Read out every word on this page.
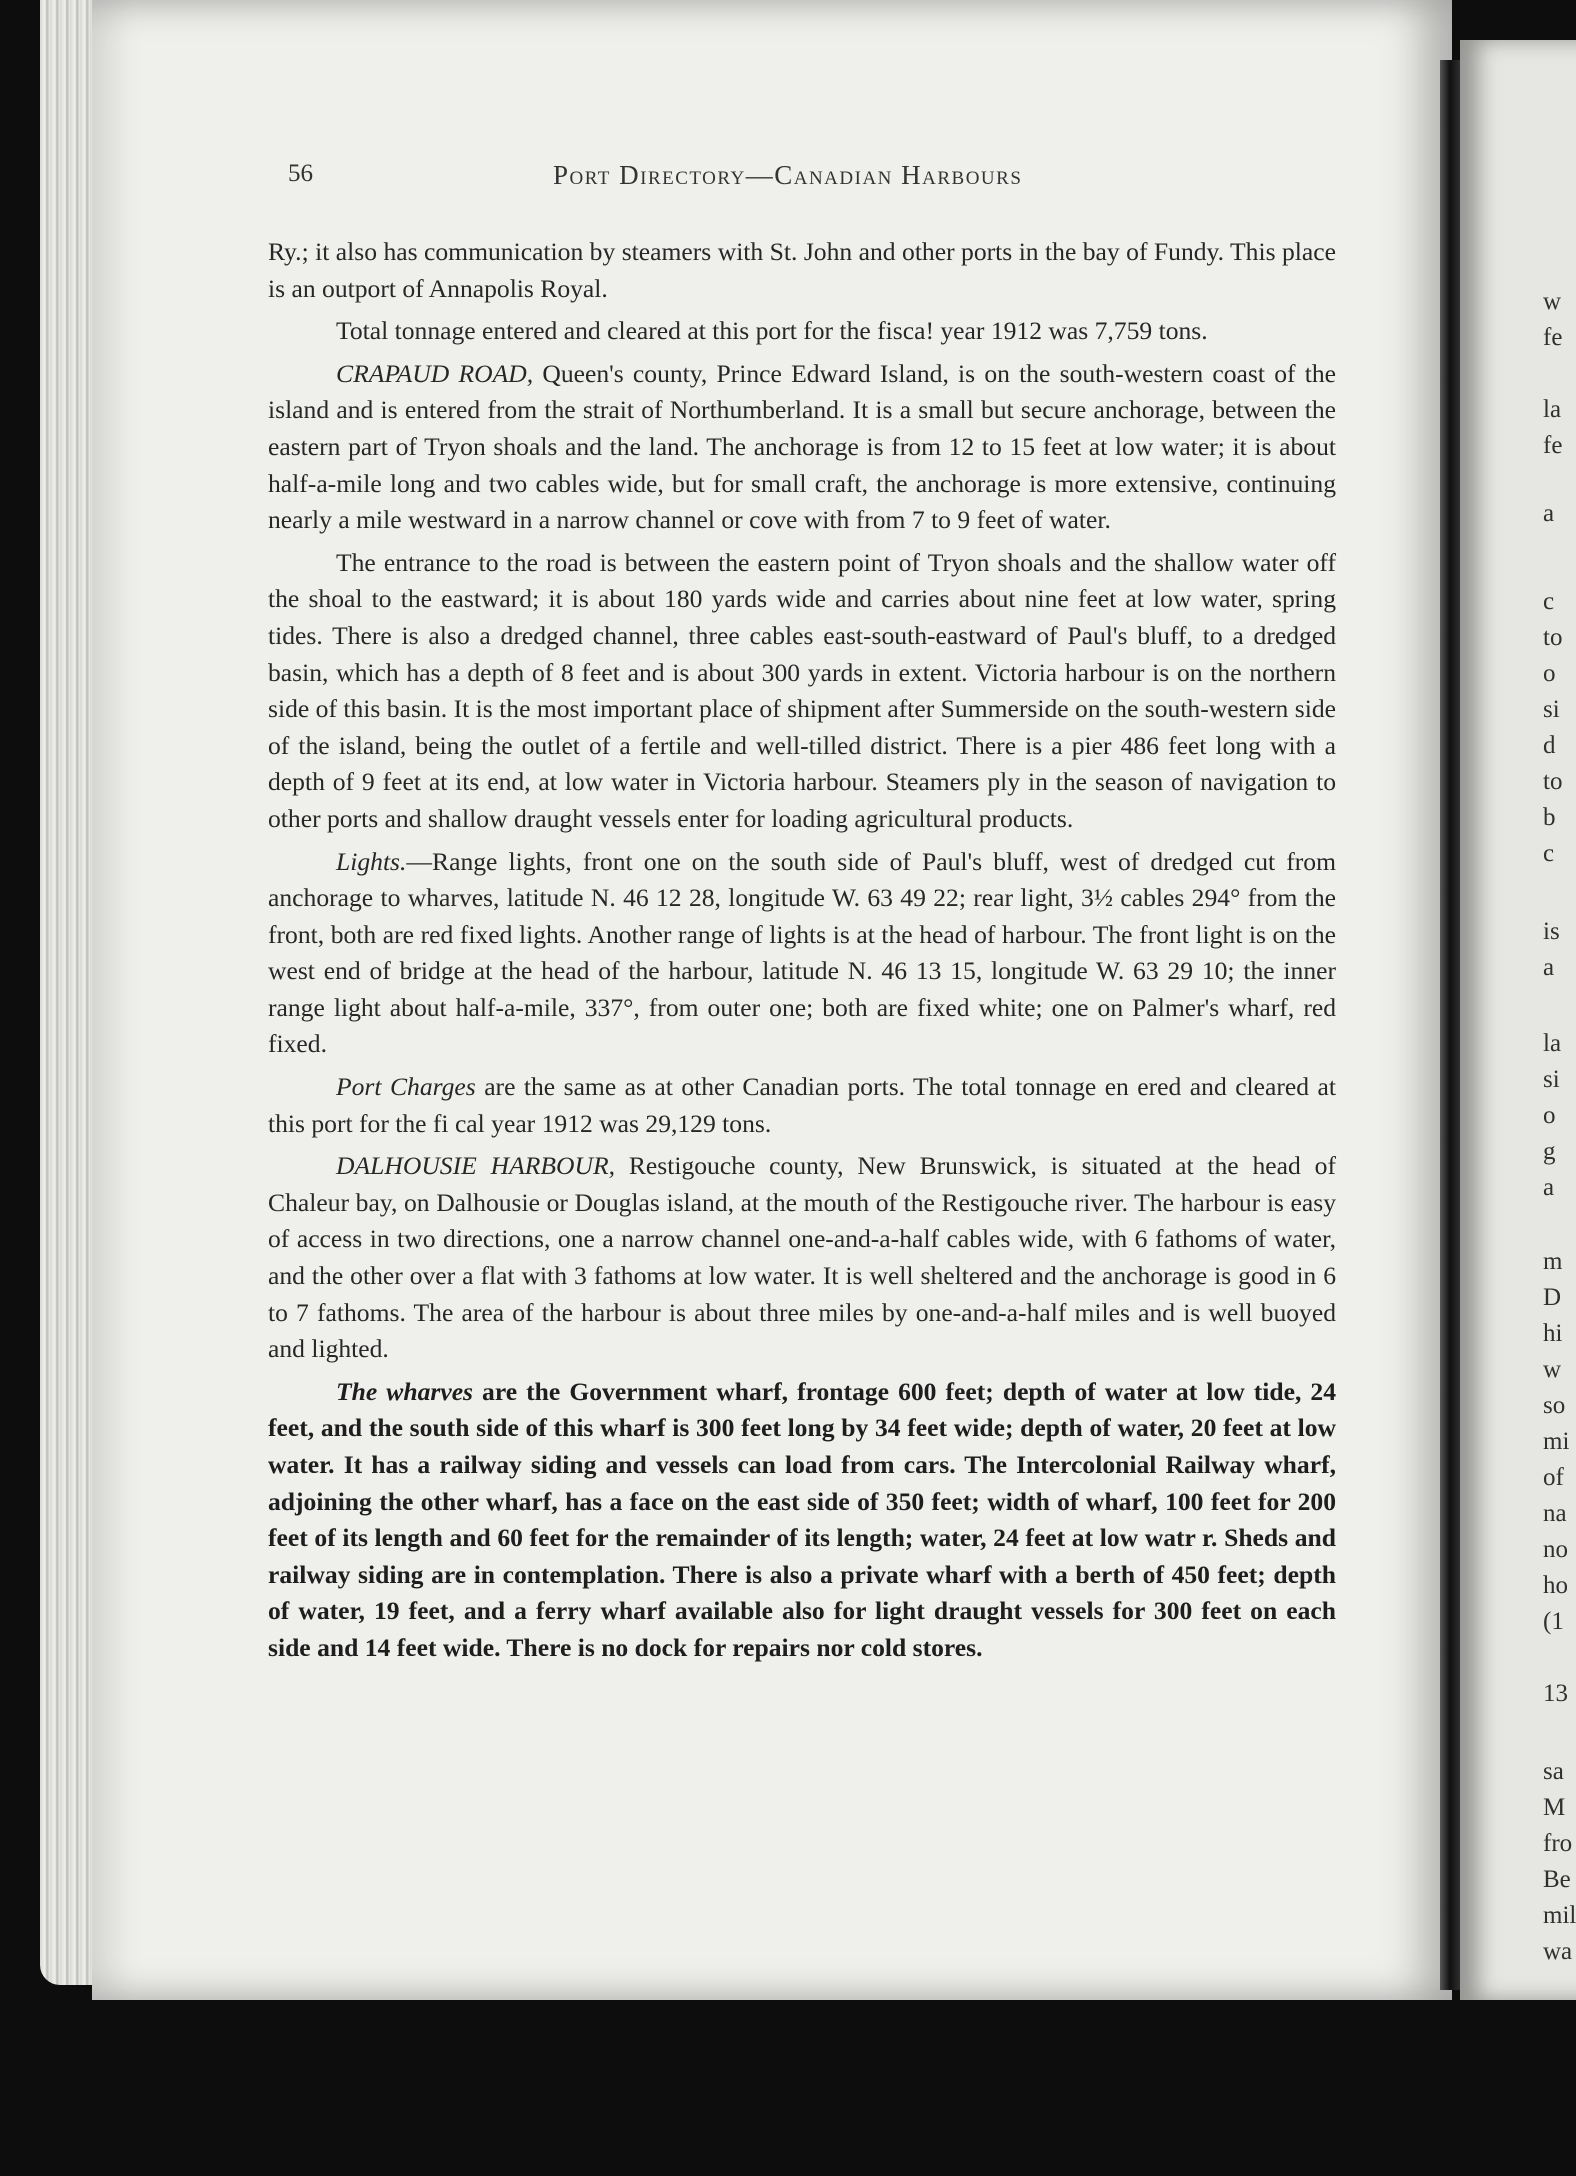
56	Port Directory—Canadian Harbours

Ry.; it also has communication by steamers with St. John and other ports in the bay of Fundy. This place is an outport of Annapolis Royal.

Total tonnage entered and cleared at this port for the fisca! year 1912 was 7,759 tons.

CRAPAUD ROAD, Queen's county, Prince Edward Island, is on the south-western coast of the island and is entered from the strait of Northumberland. It is a small but secure anchorage, between the eastern part of Tryon shoals and the land. The anchorage is from 12 to 15 feet at low water; it is about half-a-mile long and two cables wide, but for small craft, the anchorage is more extensive, continuing nearly a mile westward in a narrow channel or cove with from 7 to 9 feet of water.

The entrance to the road is between the eastern point of Tryon shoals and the shallow water off the shoal to the eastward; it is about 180 yards wide and carries about nine feet at low water, spring tides. There is also a dredged channel, three cables east-south-eastward of Paul's bluff, to a dredged basin, which has a depth of 8 feet and is about 300 yards in extent. Victoria harbour is on the northern side of this basin. It is the most important place of shipment after Summerside on the south-western side of the island, being the outlet of a fertile and well-tilled district. There is a pier 486 feet long with a depth of 9 feet at its end, at low water in Victoria harbour. Steamers ply in the season of navigation to other ports and shallow draught vessels enter for loading agricultural products.

Lights.—Range lights, front one on the south side of Paul's bluff, west of dredged cut from anchorage to wharves, latitude N. 46 12 28, longitude W. 63 49 22; rear light, 3½ cables 294° from the front, both are red fixed lights. Another range of lights is at the head of harbour. The front light is on the west end of bridge at the head of the harbour, latitude N. 46 13 15, longitude W. 63 29 10; the inner range light about half-a-mile, 337°, from outer one; both are fixed white; one on Palmer's wharf, red fixed.

Port Charges are the same as at other Canadian ports. The total tonnage en ered and cleared at this port for the fi cal year 1912 was 29,129 tons.

DALHOUSIE HARBOUR, Restigouche county, New Brunswick, is situated at the head of Chaleur bay, on Dalhousie or Douglas island, at the mouth of the Restigouche river. The harbour is easy of access in two directions, one a narrow channel one-and-a-half cables wide, with 6 fathoms of water, and the other over a flat with 3 fathoms at low water. It is well sheltered and the anchorage is good in 6 to 7 fathoms. The area of the harbour is about three miles by one-and-a-half miles and is well buoyed and lighted.

The wharves are the Government wharf, frontage 600 feet; depth of water at low tide, 24 feet, and the south side of this wharf is 300 feet long by 34 feet wide; depth of water, 20 feet at low water. It has a railway siding and vessels can load from cars. The Intercolonial Railway wharf, adjoining the other wharf, has a face on the east side of 350 feet; width of wharf, 100 feet for 200 feet of its length and 60 feet for the remainder of its length; water, 24 feet at low watr r. Sheds and railway siding are in contemplation. There is also a private wharf with a berth of 450 feet; depth of water, 19 feet, and a ferry wharf available also for light draught vessels for 300 feet on each side and 14 feet wide. There is no dock for repairs nor cold stores.

w
fe
la
fe
a
c
to
o
si
d
to
b
c
is
a
la
si
o
g
a
m
D
hi
w
so
mi
of
na
no
ho
(1
13
sa
M
fro
Be
mil
wa
